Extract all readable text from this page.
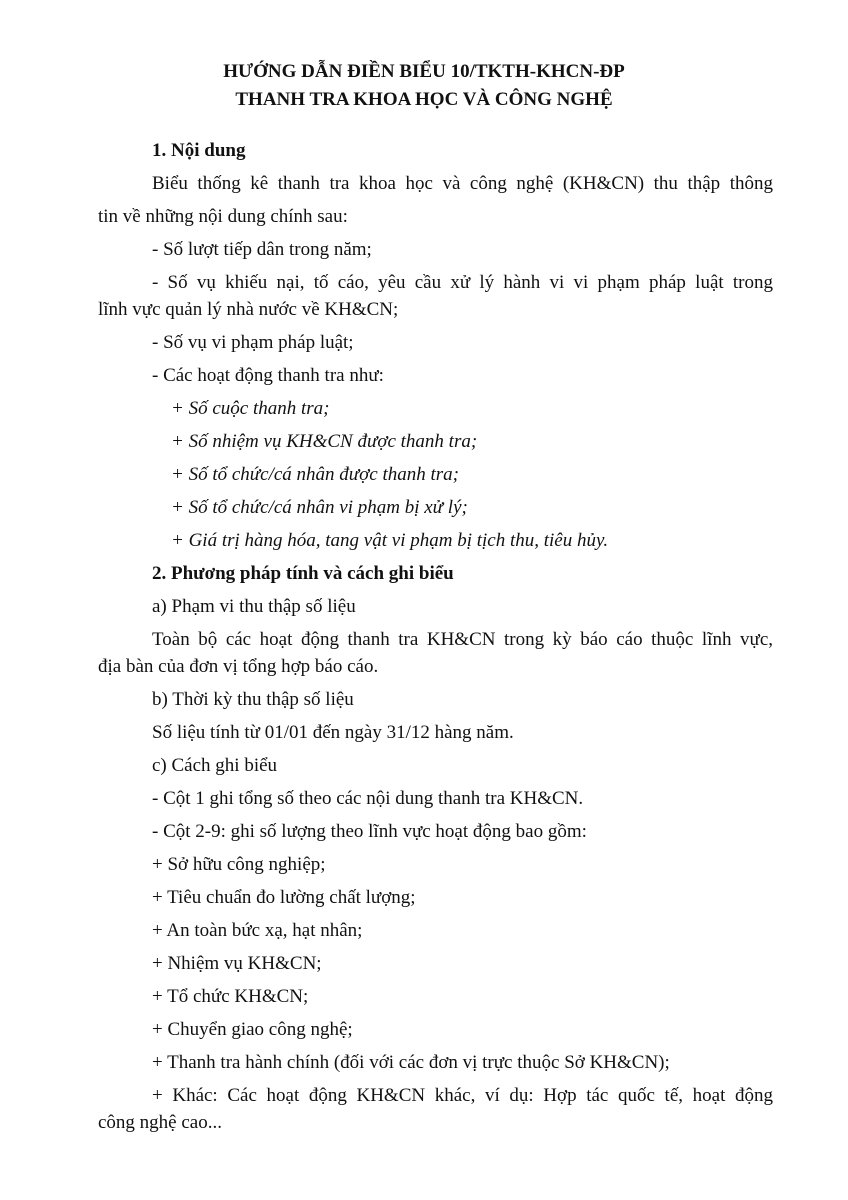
HƯỚNG DẪN ĐIỀN BIỂU 10/TKTH-KHCN-ĐP
THANH TRA KHOA HỌC VÀ CÔNG NGHỆ
1. Nội dung
Biểu thống kê thanh tra khoa học và công nghệ (KH&CN) thu thập thông
tin về những nội dung chính sau:
- Số lượt tiếp dân trong năm;
- Số vụ khiếu nại, tố cáo, yêu cầu xử lý hành vi vi phạm pháp luật trong
lĩnh vực quản lý nhà nước về KH&CN;
- Số vụ vi phạm pháp luật;
- Các hoạt động thanh tra như:
+ Số cuộc thanh tra;
+ Số nhiệm vụ KH&CN được thanh tra;
+ Số tổ chức/cá nhân được thanh tra;
+ Số tổ chức/cá nhân vi phạm bị xử lý;
+ Giá trị hàng hóa, tang vật vi phạm bị tịch thu, tiêu hủy.
2. Phương pháp tính và cách ghi biểu
a) Phạm vi thu thập số liệu
Toàn bộ các hoạt động thanh tra KH&CN trong kỳ báo cáo thuộc lĩnh vực,
địa bàn của đơn vị tổng hợp báo cáo.
b) Thời kỳ thu thập số liệu
Số liệu tính từ 01/01 đến ngày 31/12 hàng năm.
c) Cách ghi biểu
- Cột 1 ghi tổng số theo các nội dung thanh tra KH&CN.
- Cột 2-9: ghi số lượng theo lĩnh vực hoạt động bao gồm:
+ Sở hữu công nghiệp;
+ Tiêu chuẩn đo lường chất lượng;
+ An toàn bức xạ, hạt nhân;
+ Nhiệm vụ KH&CN;
+ Tổ chức KH&CN;
+ Chuyển giao công nghệ;
+ Thanh tra hành chính (đối với các đơn vị trực thuộc Sở KH&CN);
+ Khác: Các hoạt động KH&CN khác, ví dụ: Hợp tác quốc tế, hoạt động
công nghệ cao...
